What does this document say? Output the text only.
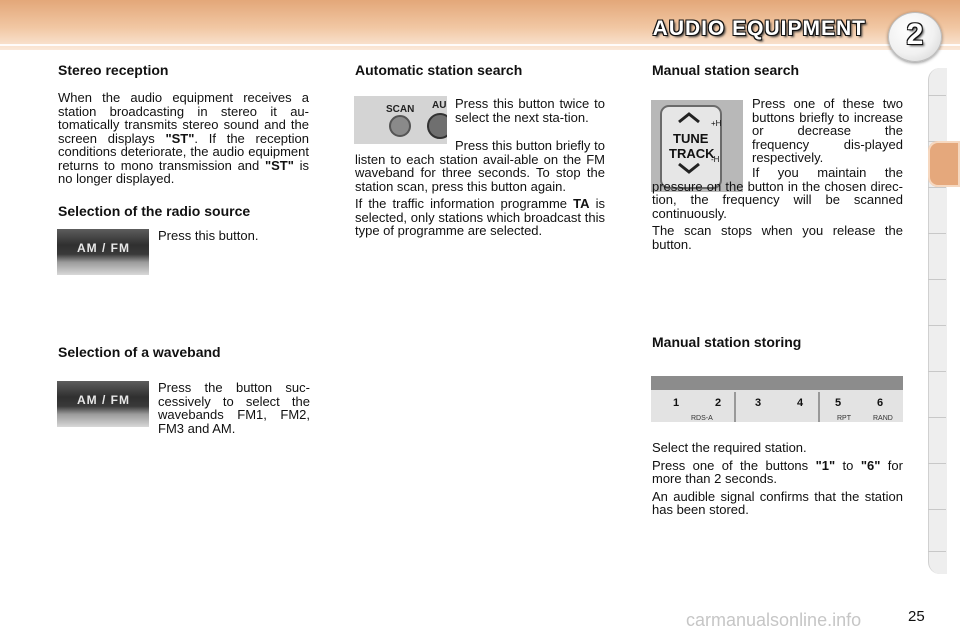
AUDIO EQUIPMENT	2
Stereo reception

When the audio equipment receives a station broadcasting in stereo it au-tomatically transmits stereo sound and the screen displays "ST". If the reception conditions deteriorate, the audio equipment returns to mono transmission and "ST" is no longer displayed.

Selection of the radio source
AM / FM

Press this button.

Selection of a waveband
AM / FM

Press the button suc-cessively to select the wavebands FM1, FM2, FM3 and AM.

Automatic station search
SCAN AU Press this button twice to select the next sta-tion.

Press this button briefly to listen to each station avail-able on the FM waveband for three seconds. To stop the station scan, press this button again.

If the traffic information programme TA is selected, only stations which broadcast this type of programme are selected.

Manual station search
TUNE
TRACK
+H
-H

Press one of these two buttons briefly to increase or decrease the frequency dis-played respectively.

If you maintain the pressure on the button in the chosen direc-tion, the frequency will be scanned continuously.

The scan stops when you release the button.

Manual station storing
1	2	3	4	5	6
RDS-A	RPT	RAND

Select the required station.

Press one of the buttons "1" to "6" for more than 2 seconds.

An audible signal confirms that the station has been stored.

carmanualsonline.info	25
